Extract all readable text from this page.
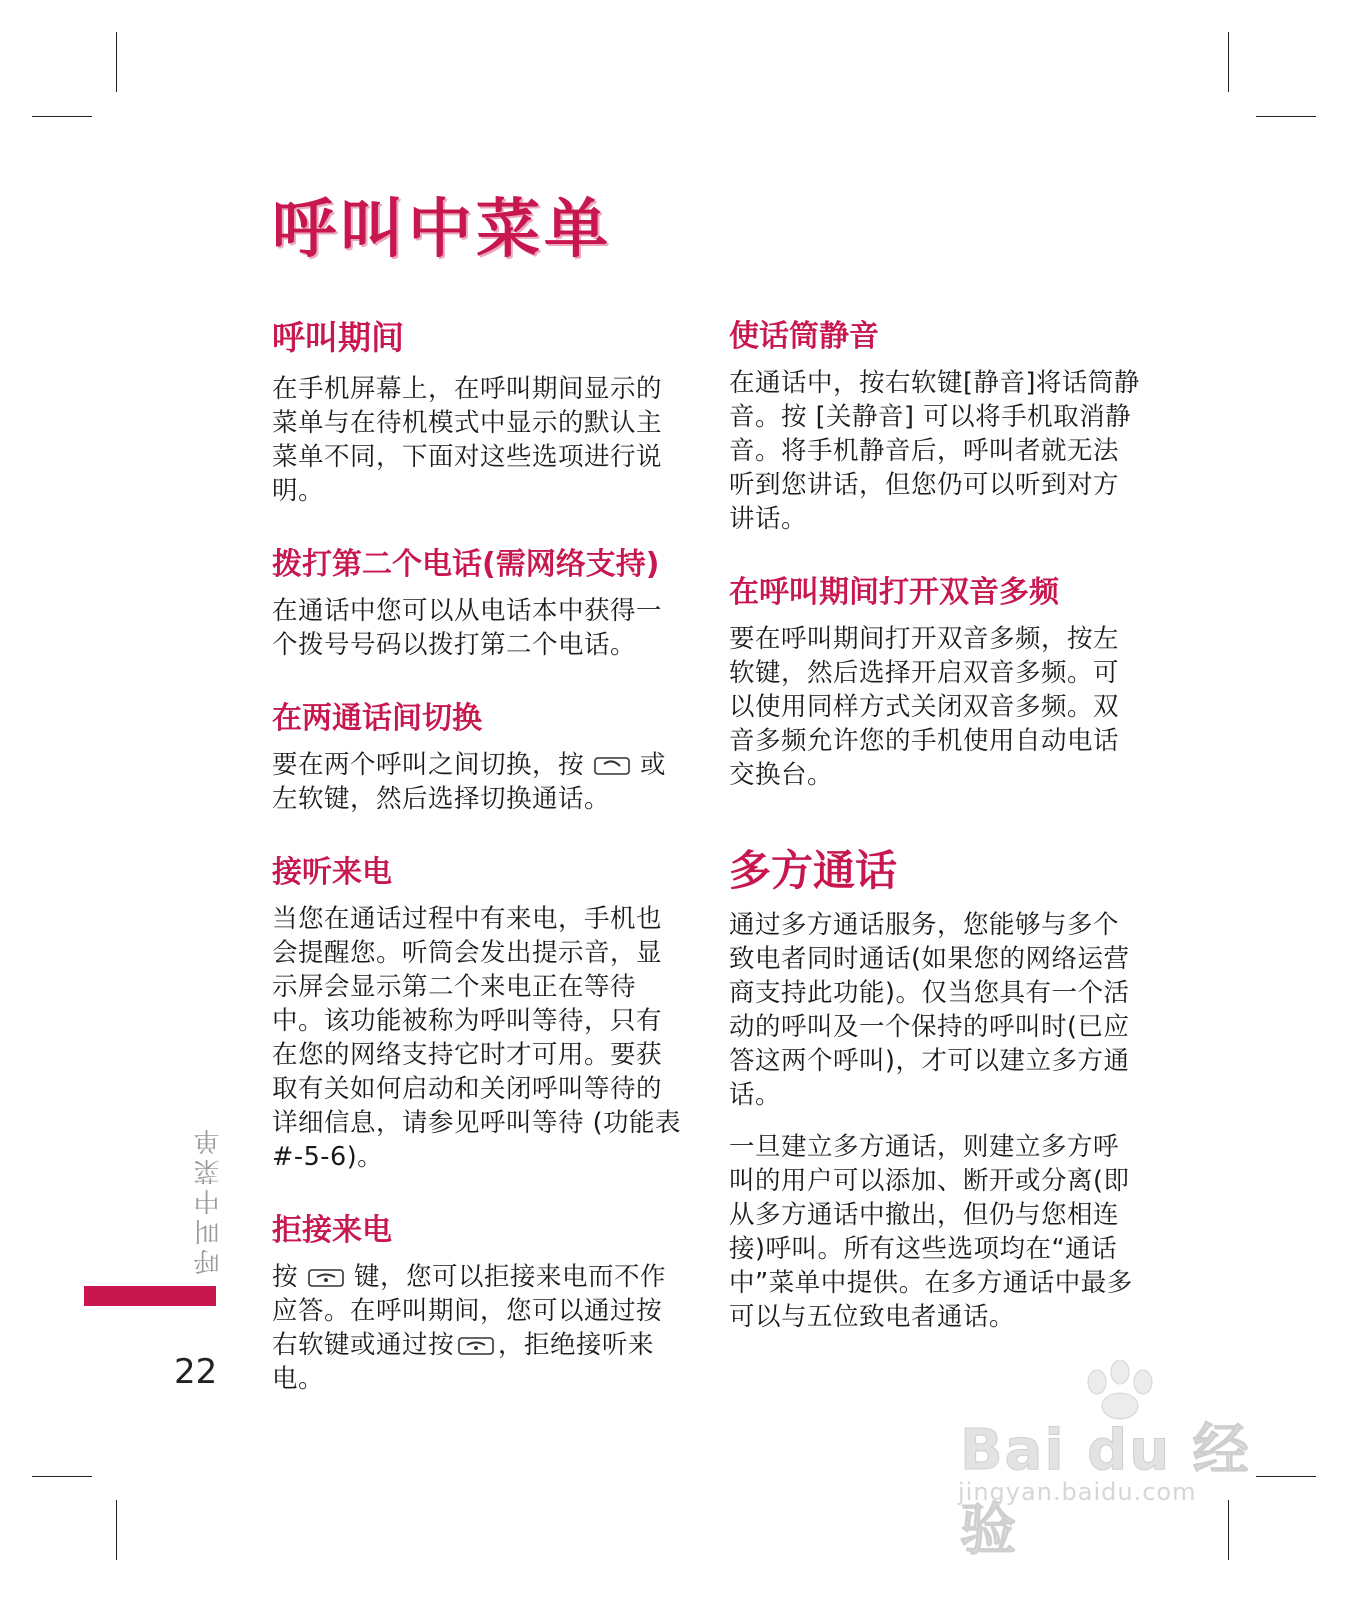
呼叫中菜单
呼叫期间

在手机屏幕上，在呼叫期间显示的菜单与在待机模式中显示的默认主菜单不同，下面对这些选项进行说明。

拨打第二个电话(需网络支持)

在通话中您可以从电话本中获得一个拨号号码以拨打第二个电话。

在两通话间切换

要在两个呼叫之间切换，按 或左软键，然后选择切换通话。

接听来电

当您在通话过程中有来电，手机也会提醒您。听筒会发出提示音，显示屏会显示第二个来电正在等待中。该功能被称为呼叫等待，只有在您的网络支持它时才可用。要获取有关如何启动和关闭呼叫等待的详细信息，请参见呼叫等待 (功能表 #-5-6)。

拒接来电

按 键，您可以拒接来电而不作应答。在呼叫期间，您可以通过按右软键或通过按 ，拒绝接听来电。

使话筒静音

在通话中，按右软键[静音]将话筒静音。按 [关静音] 可以将手机取消静音。将手机静音后，呼叫者就无法听到您讲话，但您仍可以听到对方讲话。

在呼叫期间打开双音多频

要在呼叫期间打开双音多频，按左软键，然后选择开启双音多频。可以使用同样方式关闭双音多频。双音多频允许您的手机使用自动电话交换台。

多方通话

通过多方通话服务，您能够与多个致电者同时通话(如果您的网络运营商支持此功能)。仅当您具有一个活动的呼叫及一个保持的呼叫时(已应答这两个呼叫)，才可以建立多方通话。

一旦建立多方通话，则建立多方呼叫的用户可以添加、断开或分离(即从多方通话中撤出，但仍与您相连接)呼叫。所有这些选项均在“通话中”菜单中提供。在多方通话中最多可以与五位致电者通话。

呼叫中菜单
22
Bai du 经验
jingyan.baidu.com
